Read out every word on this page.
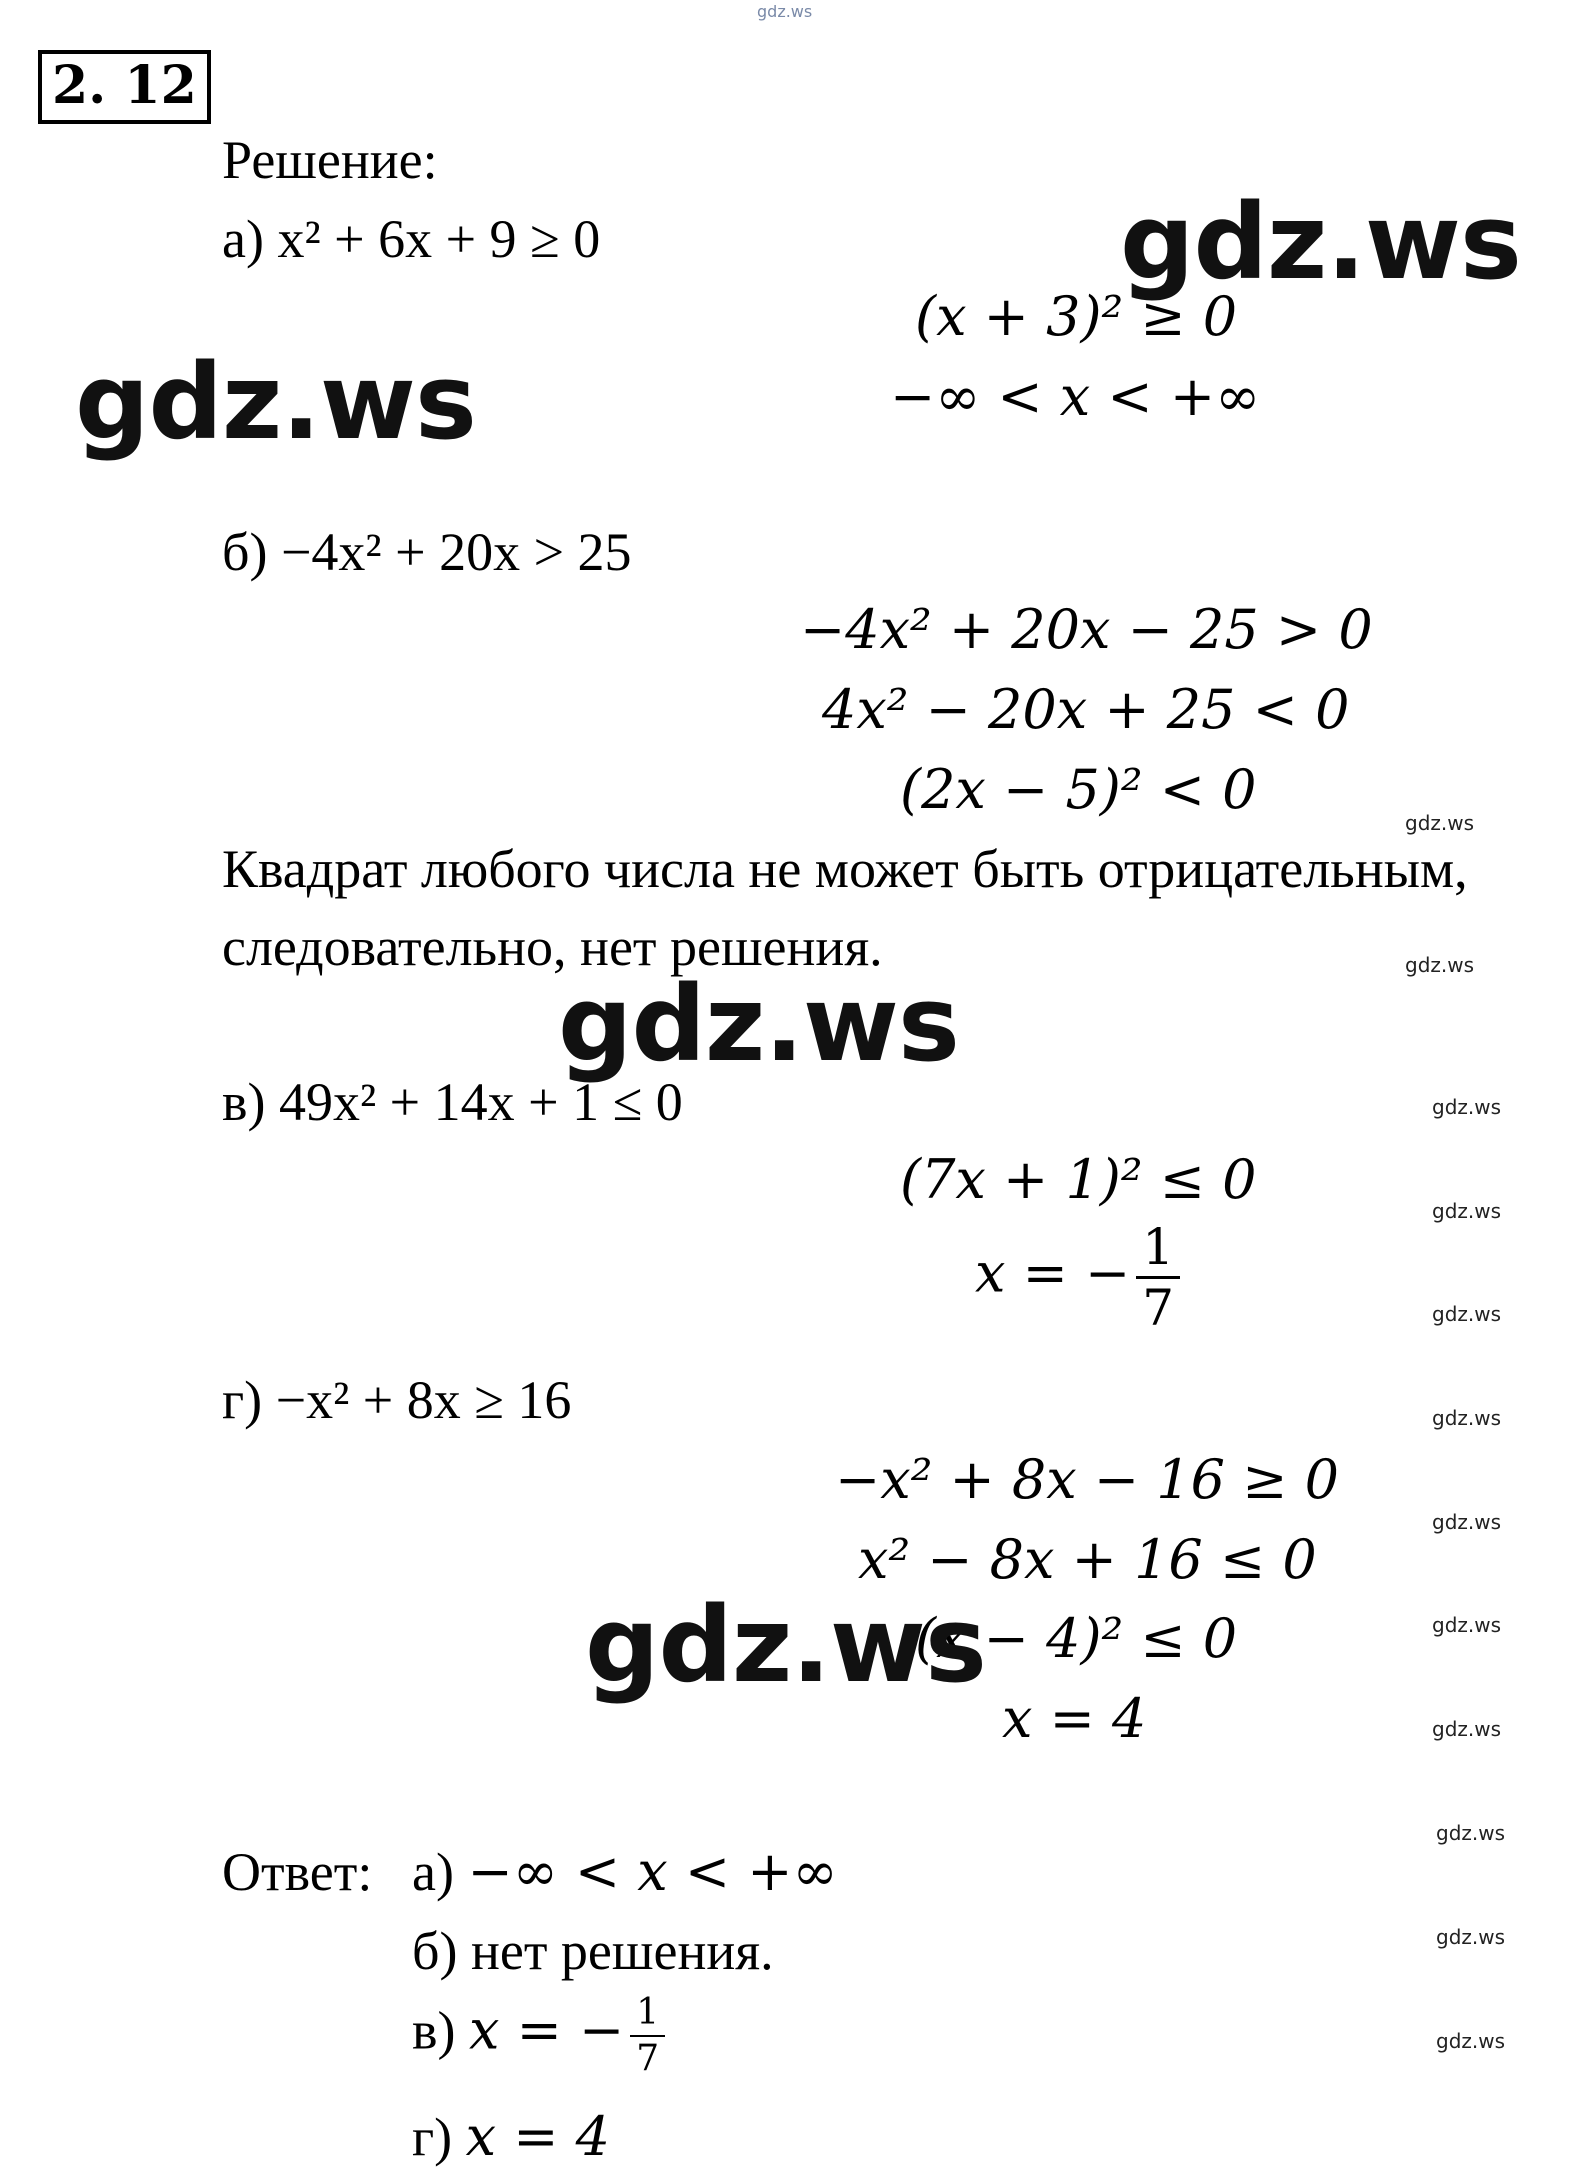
gdz.ws
2. 12
Решение:
а) x² + 6x + 9 ≥ 0
(x + 3)² ≥ 0
−∞ < x < +∞
б) −4x² + 20x > 25
−4x² + 20x − 25 > 0
4x² − 20x + 25 < 0
(2x − 5)² < 0
Квадрат любого числа не может быть отрицательным,
следовательно, нет решения.
в) 49x² + 14x + 1 ≤ 0
(7x + 1)² ≤ 0
x = − $\frac{1}{7}$
г) −x² + 8x ≥ 16
−x² + 8x − 16 ≥ 0
x² − 8x + 16 ≤ 0
(x − 4)² ≤ 0
x = 4
Ответ: а) −∞ < x < +∞
б) нет решения.
в) x = − $\frac{1}{7}$
г) x = 4
gdz.ws
gdz.ws
gdz.ws
gdz.ws
gdz.ws
gdz.ws
gdz.ws
gdz.ws
gdz.ws
gdz.ws
gdz.ws
gdz.ws
gdz.ws
gdz.ws
gdz.ws
gdz.ws
